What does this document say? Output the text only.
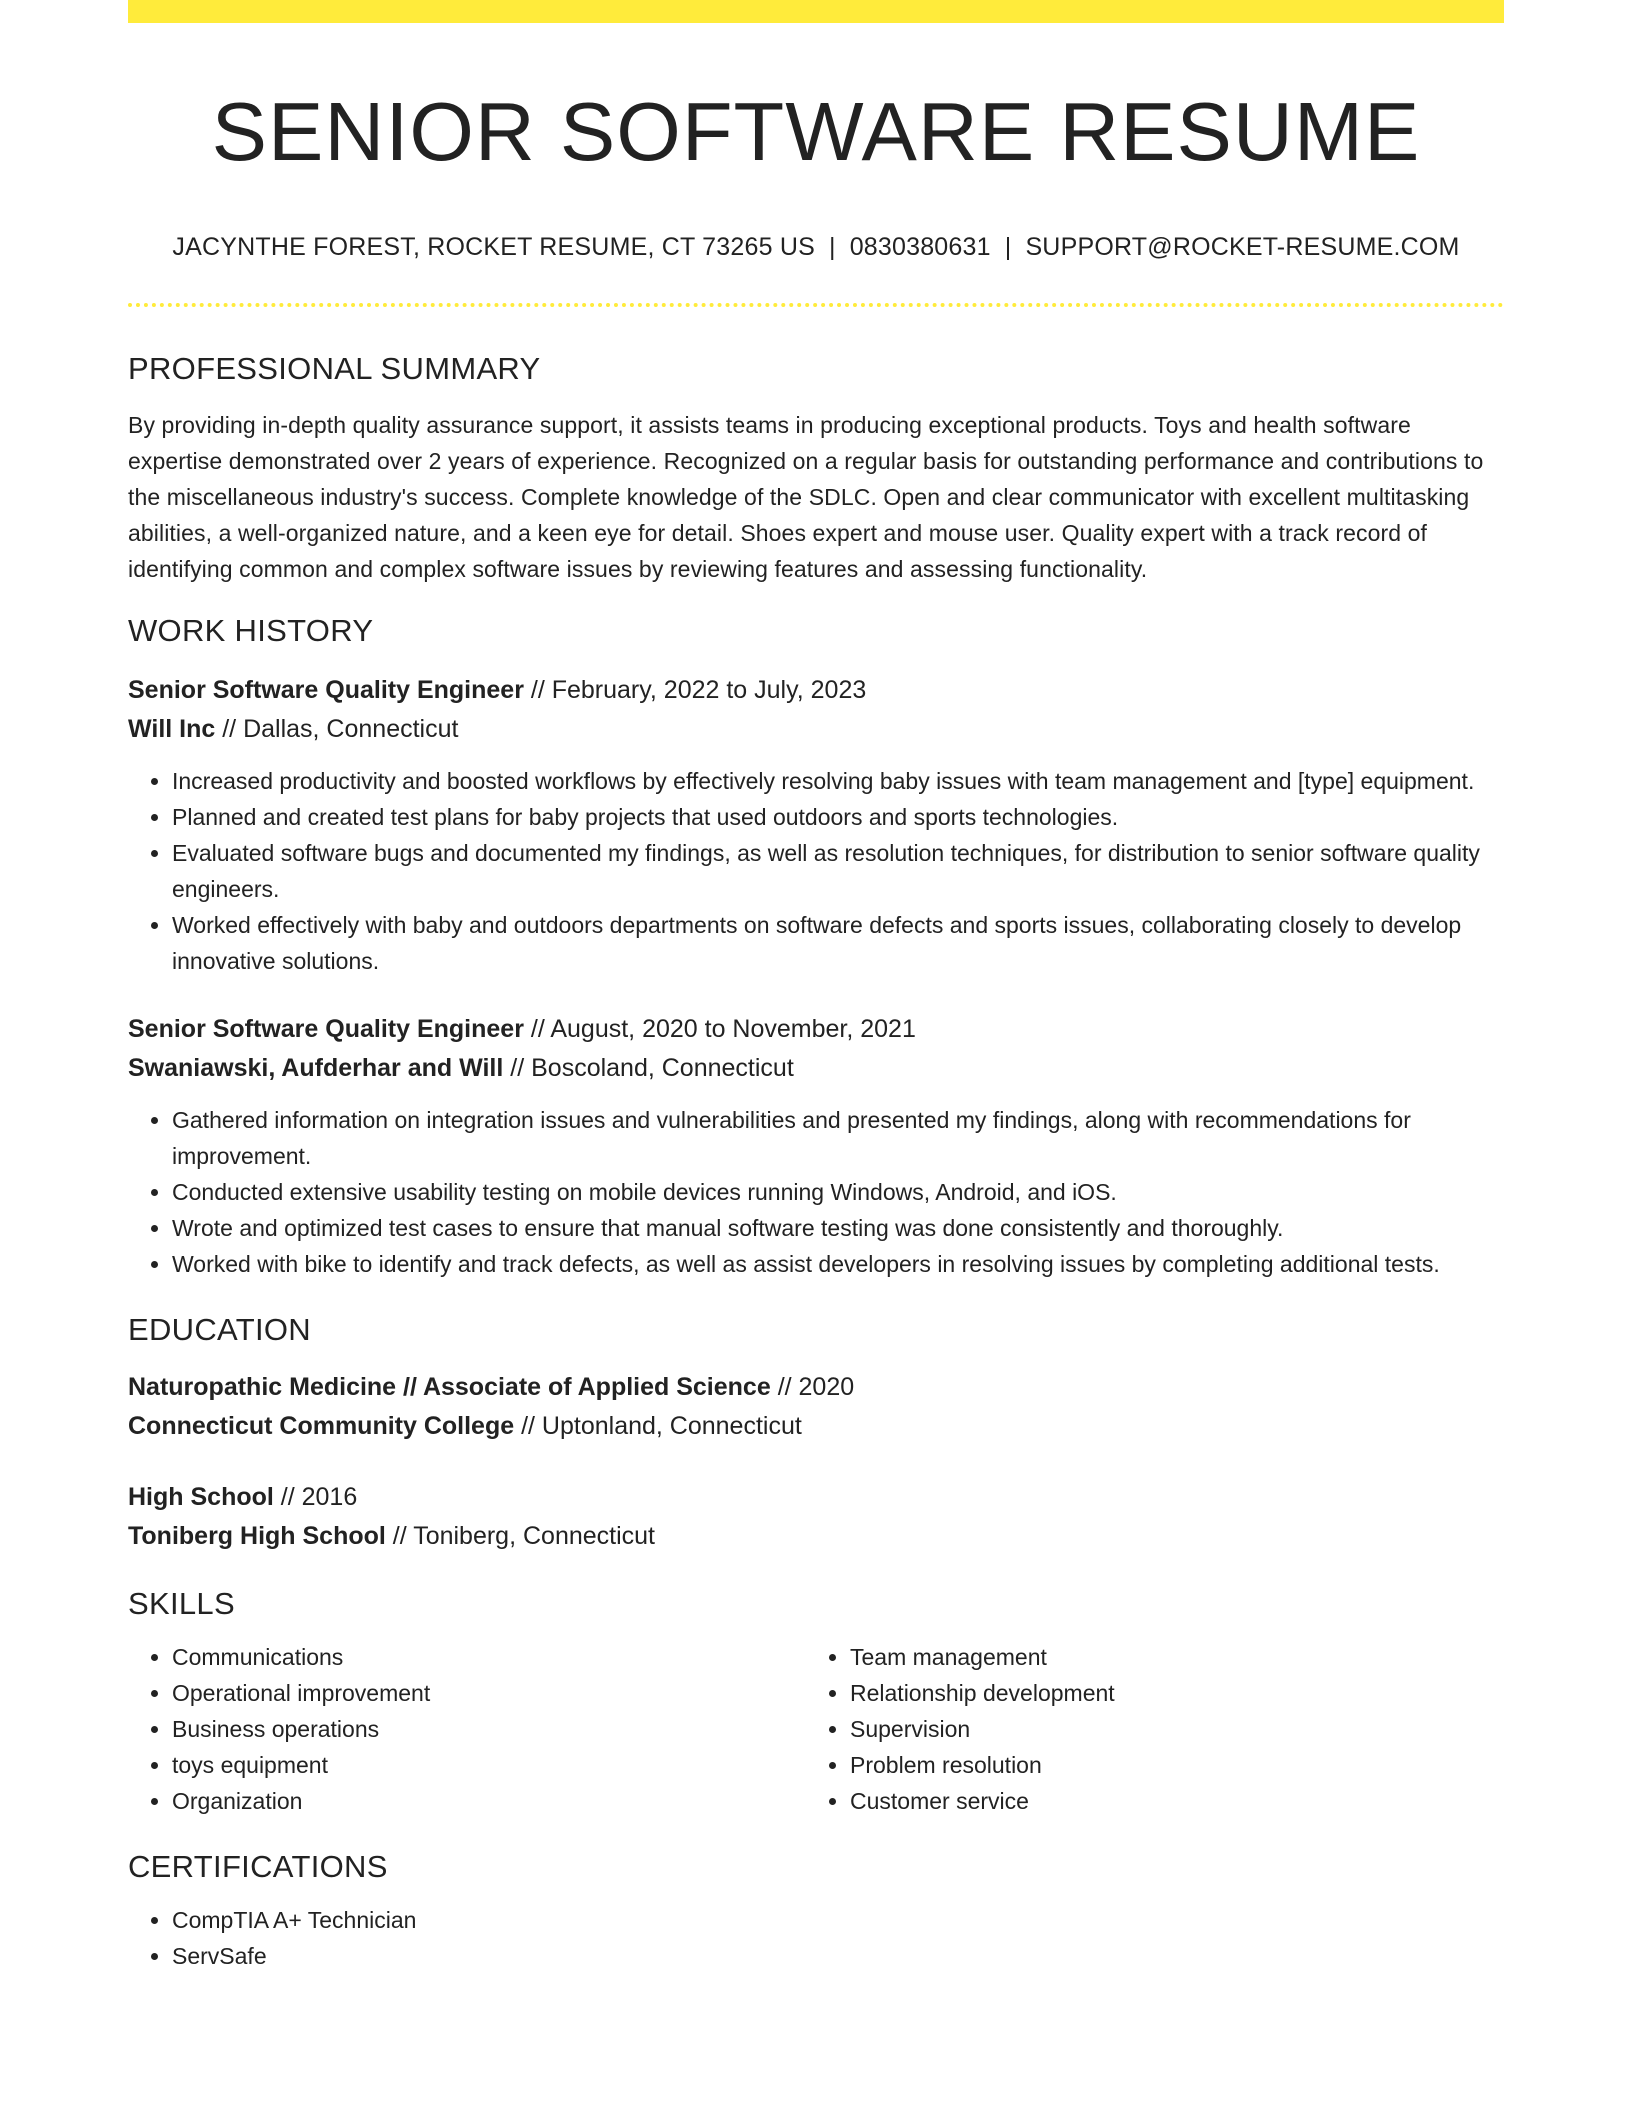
SENIOR SOFTWARE RESUME
JACYNTHE FOREST, ROCKET RESUME, CT 73265 US | 0830380631 | SUPPORT@ROCKET-RESUME.COM
PROFESSIONAL SUMMARY

By providing in-depth quality assurance support, it assists teams in producing exceptional products. Toys and health software expertise demonstrated over 2 years of experience. Recognized on a regular basis for outstanding performance and contributions to the miscellaneous industry's success. Complete knowledge of the SDLC. Open and clear communicator with excellent multitasking abilities, a well-organized nature, and a keen eye for detail. Shoes expert and mouse user. Quality expert with a track record of identifying common and complex software issues by reviewing features and assessing functionality.

WORK HISTORY
Senior Software Quality Engineer // February, 2022 to July, 2023
Will Inc // Dallas, Connecticut
• Increased productivity and boosted workflows by effectively resolving baby issues with team management and [type] equipment.
• Planned and created test plans for baby projects that used outdoors and sports technologies.
• Evaluated software bugs and documented my findings, as well as resolution techniques, for distribution to senior software quality engineers.
• Worked effectively with baby and outdoors departments on software defects and sports issues, collaborating closely to develop innovative solutions.
Senior Software Quality Engineer // August, 2020 to November, 2021
Swaniawski, Aufderhar and Will // Boscoland, Connecticut
• Gathered information on integration issues and vulnerabilities and presented my findings, along with recommendations for improvement.
• Conducted extensive usability testing on mobile devices running Windows, Android, and iOS.
• Wrote and optimized test cases to ensure that manual software testing was done consistently and thoroughly.
• Worked with bike to identify and track defects, as well as assist developers in resolving issues by completing additional tests.
EDUCATION
Naturopathic Medicine // Associate of Applied Science // 2020
Connecticut Community College // Uptonland, Connecticut
High School // 2016
Toniberg High School // Toniberg, Connecticut
SKILLS
• Communications
• Operational improvement
• Business operations
• toys equipment
• Organization
• Team management
• Relationship development
• Supervision
• Problem resolution
• Customer service
CERTIFICATIONS
• CompTIA A+ Technician
• ServSafe
